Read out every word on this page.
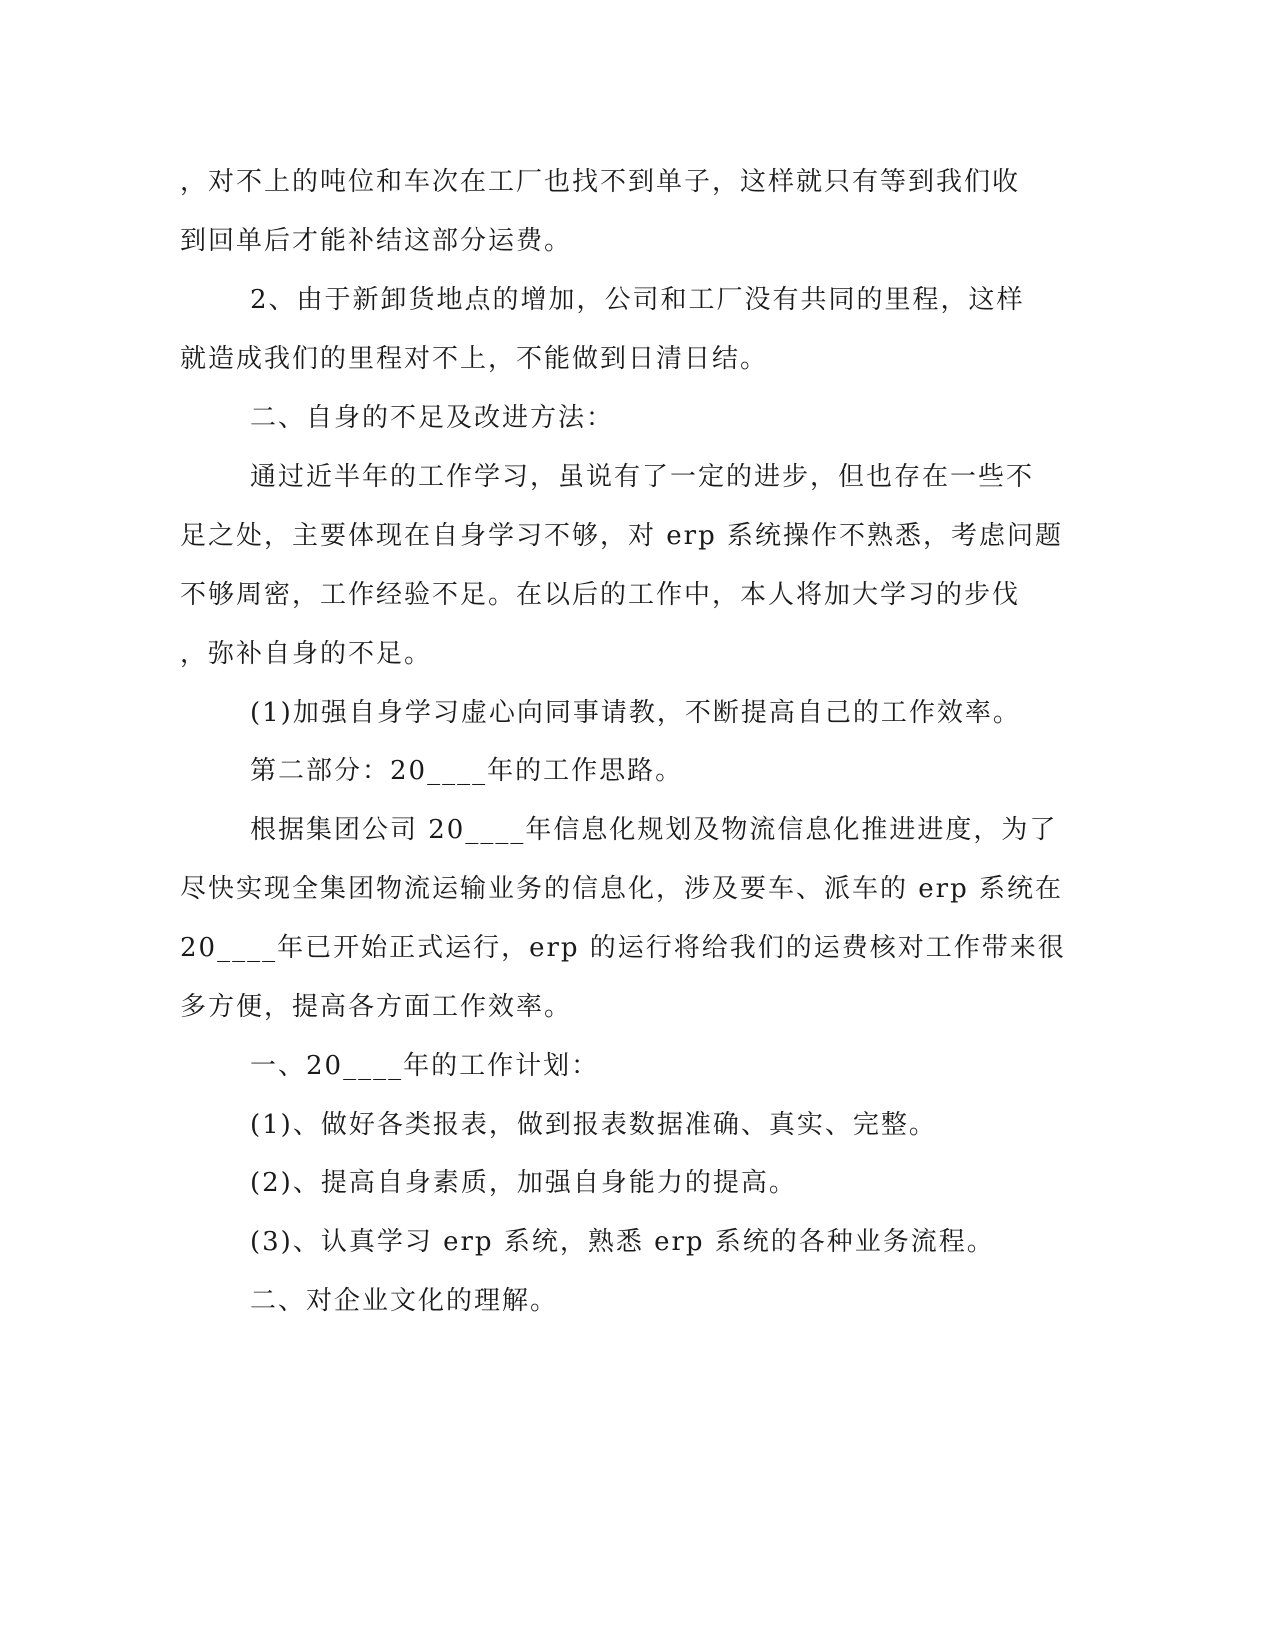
，对不上的吨位和车次在工厂也找不到单子，这样就只有等到我们收

到回单后才能补结这部分运费。

2、由于新卸货地点的增加，公司和工厂没有共同的里程，这样

就造成我们的里程对不上，不能做到日清日结。

二、自身的不足及改进方法：

通过近半年的工作学习，虽说有了一定的进步，但也存在一些不

足之处，主要体现在自身学习不够，对 erp 系统操作不熟悉，考虑问题

不够周密，工作经验不足。在以后的工作中，本人将加大学习的步伐

，弥补自身的不足。

(1)加强自身学习虚心向同事请教，不断提高自己的工作效率。

第二部分：20____年的工作思路。

根据集团公司 20____年信息化规划及物流信息化推进进度，为了

尽快实现全集团物流运输业务的信息化，涉及要车、派车的 erp 系统在

20____年已开始正式运行，erp 的运行将给我们的运费核对工作带来很

多方便，提高各方面工作效率。

一、20____年的工作计划：

(1)、做好各类报表，做到报表数据准确、真实、完整。

(2)、提高自身素质，加强自身能力的提高。

(3)、认真学习 erp 系统，熟悉 erp 系统的各种业务流程。

二、对企业文化的理解。
